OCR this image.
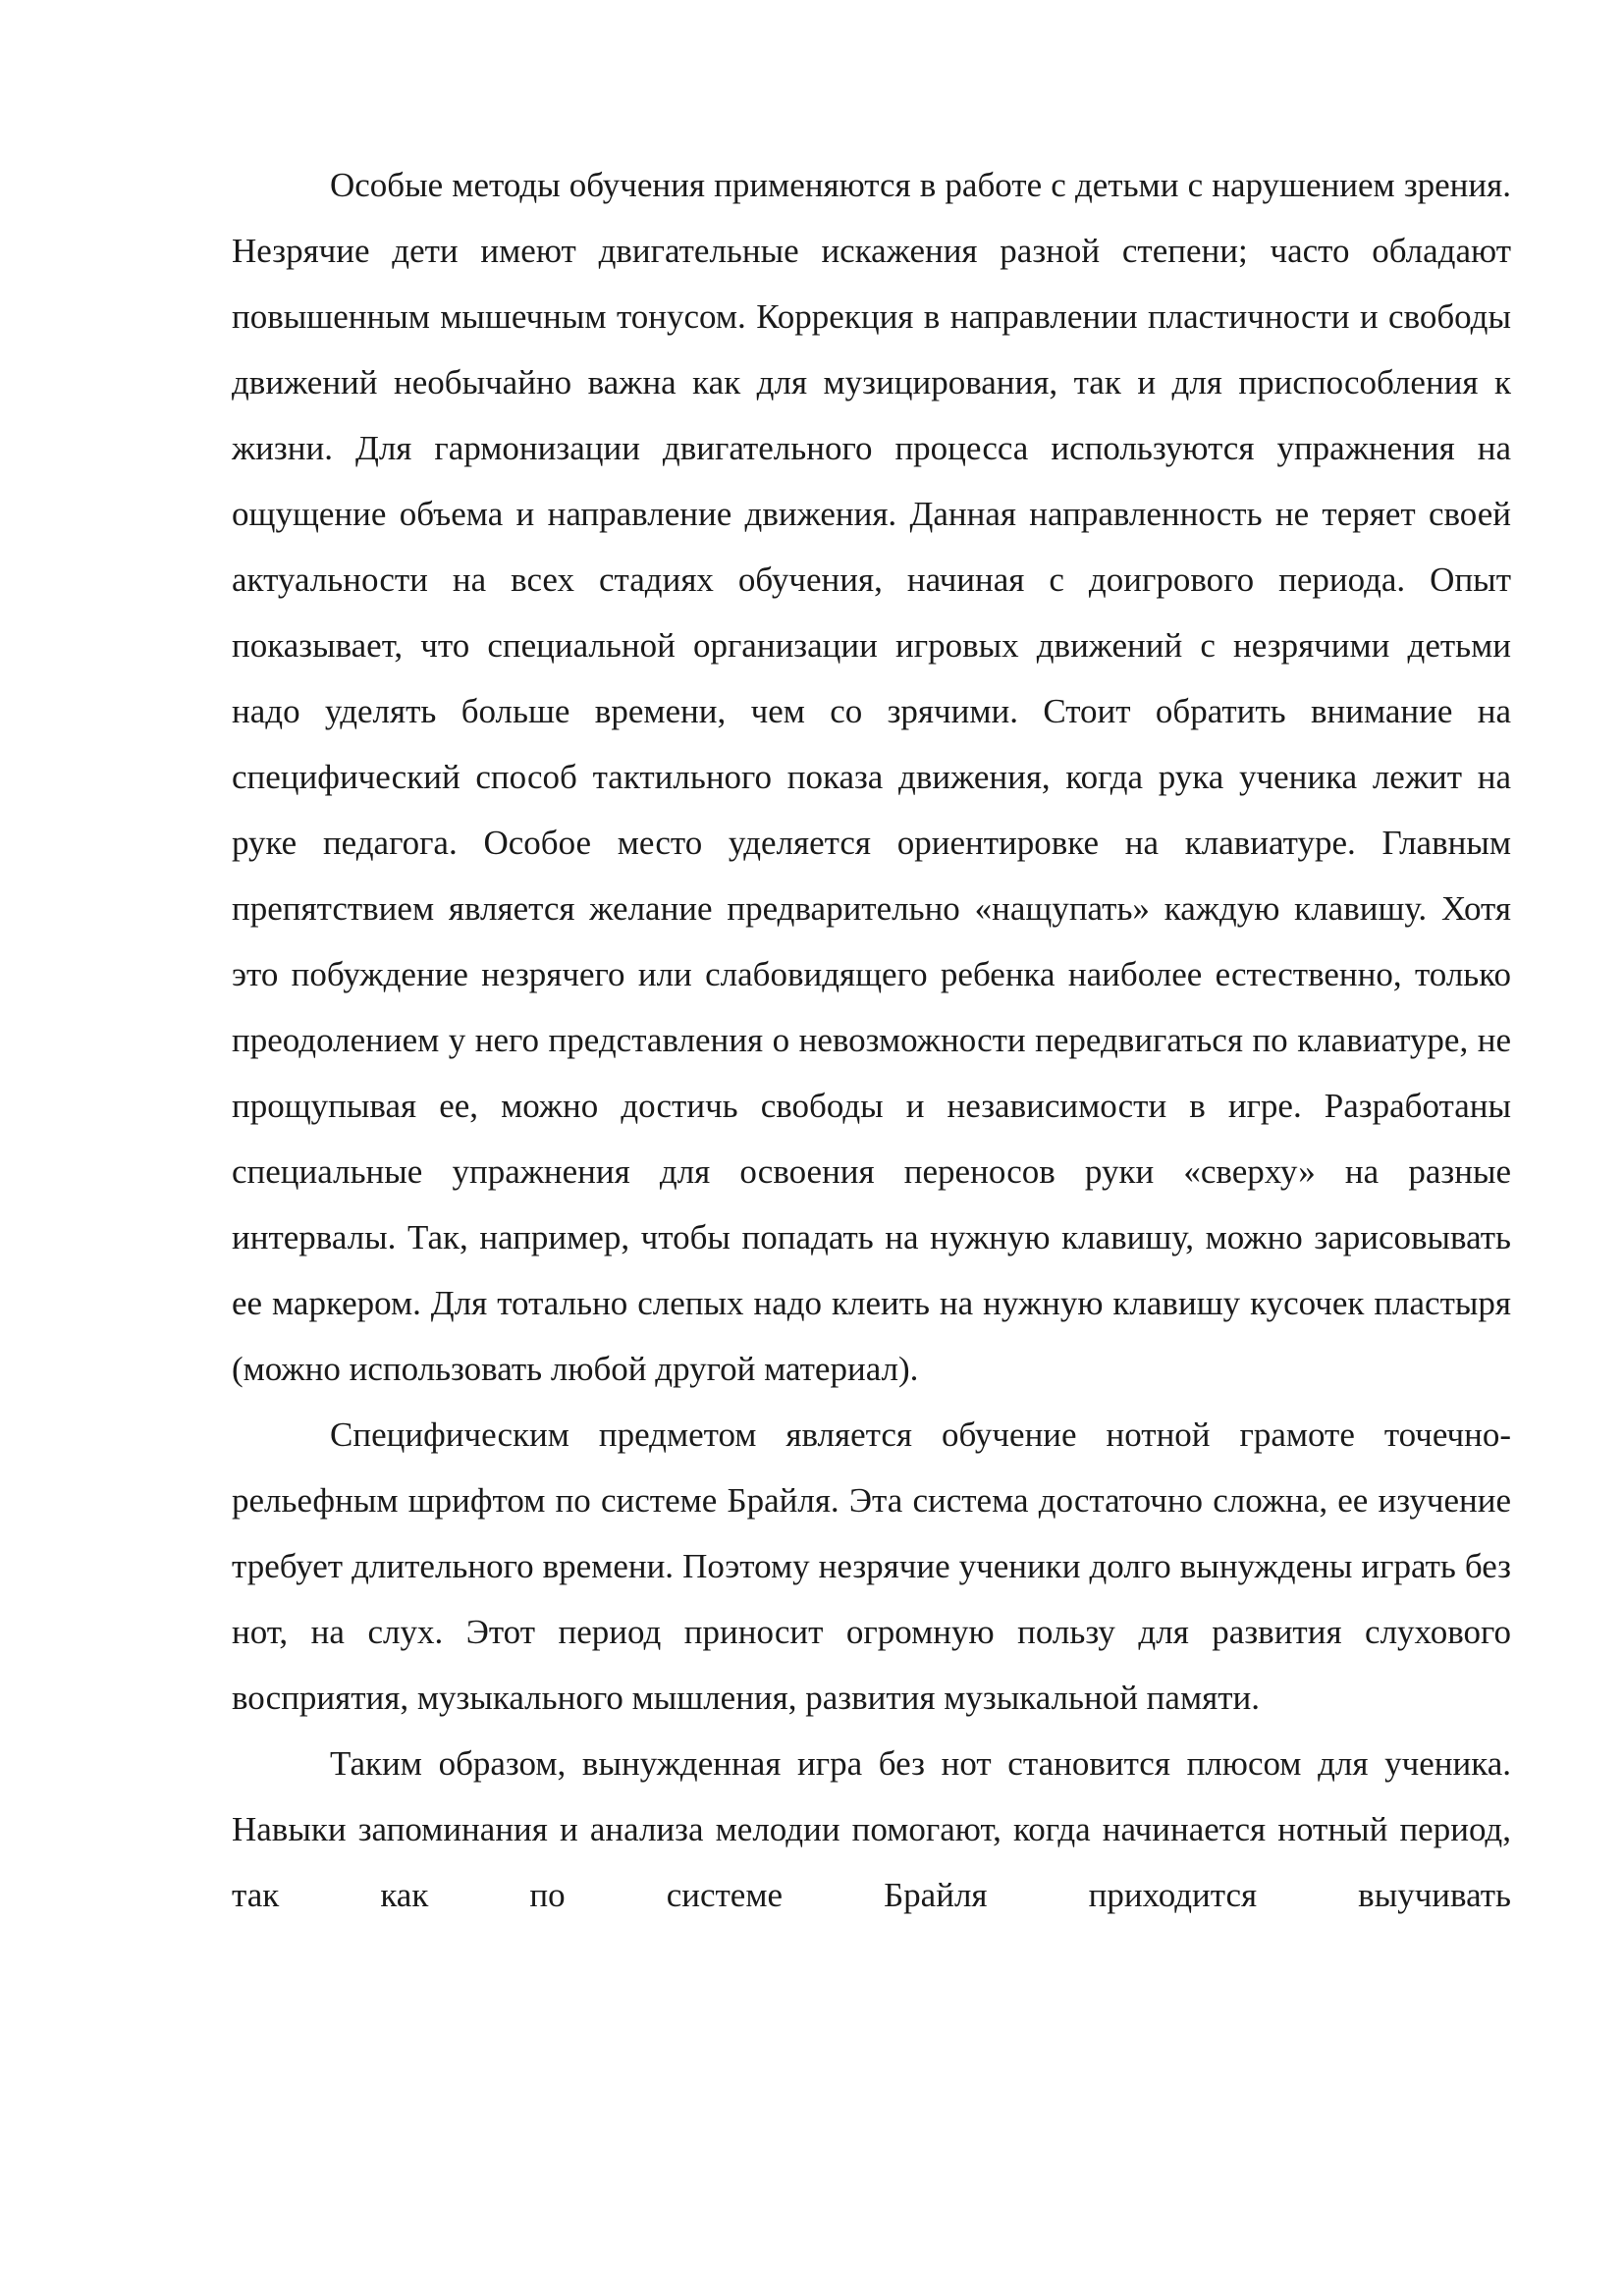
Особые методы обучения применяются в работе с детьми с нарушением зрения. Незрячие дети имеют двигательные искажения разной степени; часто обладают повышенным мышечным тонусом. Коррекция в направлении пластичности и свободы движений необычайно важна как для музицирования, так и для приспособления к жизни. Для гармонизации двигательного процесса используются упражнения на ощущение объема и направление движения. Данная направленность не теряет своей актуальности на всех стадиях обучения, начиная с доигрового периода. Опыт показывает, что специальной организации игровых движений с незрячими детьми надо уделять больше времени, чем со зрячими. Стоит обратить внимание на специфический способ тактильного показа движения, когда рука ученика лежит на руке педагога. Особое место уделяется ориентировке на клавиатуре. Главным препятствием является желание предварительно «нащупать» каждую клавишу. Хотя это побуждение незрячего или слабовидящего ребенка наиболее естественно, только преодолением у него представления о невозможности передвигаться по клавиатуре, не прощупывая ее, можно достичь свободы и независимости в игре. Разработаны специальные упражнения для освоения переносов руки «сверху» на разные интервалы. Так, например, чтобы попадать на нужную клавишу, можно зарисовывать ее маркером. Для тотально слепых надо клеить на нужную клавишу кусочек пластыря (можно использовать любой другой материал).

Специфическим предметом является обучение нотной грамоте точечно-рельефным шрифтом по системе Брайля. Эта система достаточно сложна, ее изучение требует длительного времени. Поэтому незрячие ученики долго вынуждены играть без нот, на слух. Этот период приносит огромную пользу для развития слухового восприятия, музыкального мышления, развития музыкальной памяти.

Таким образом, вынужденная игра без нот становится плюсом для ученика. Навыки запоминания и анализа мелодии помогают, когда начинается нотный период, так как по системе Брайля приходится выучивать
